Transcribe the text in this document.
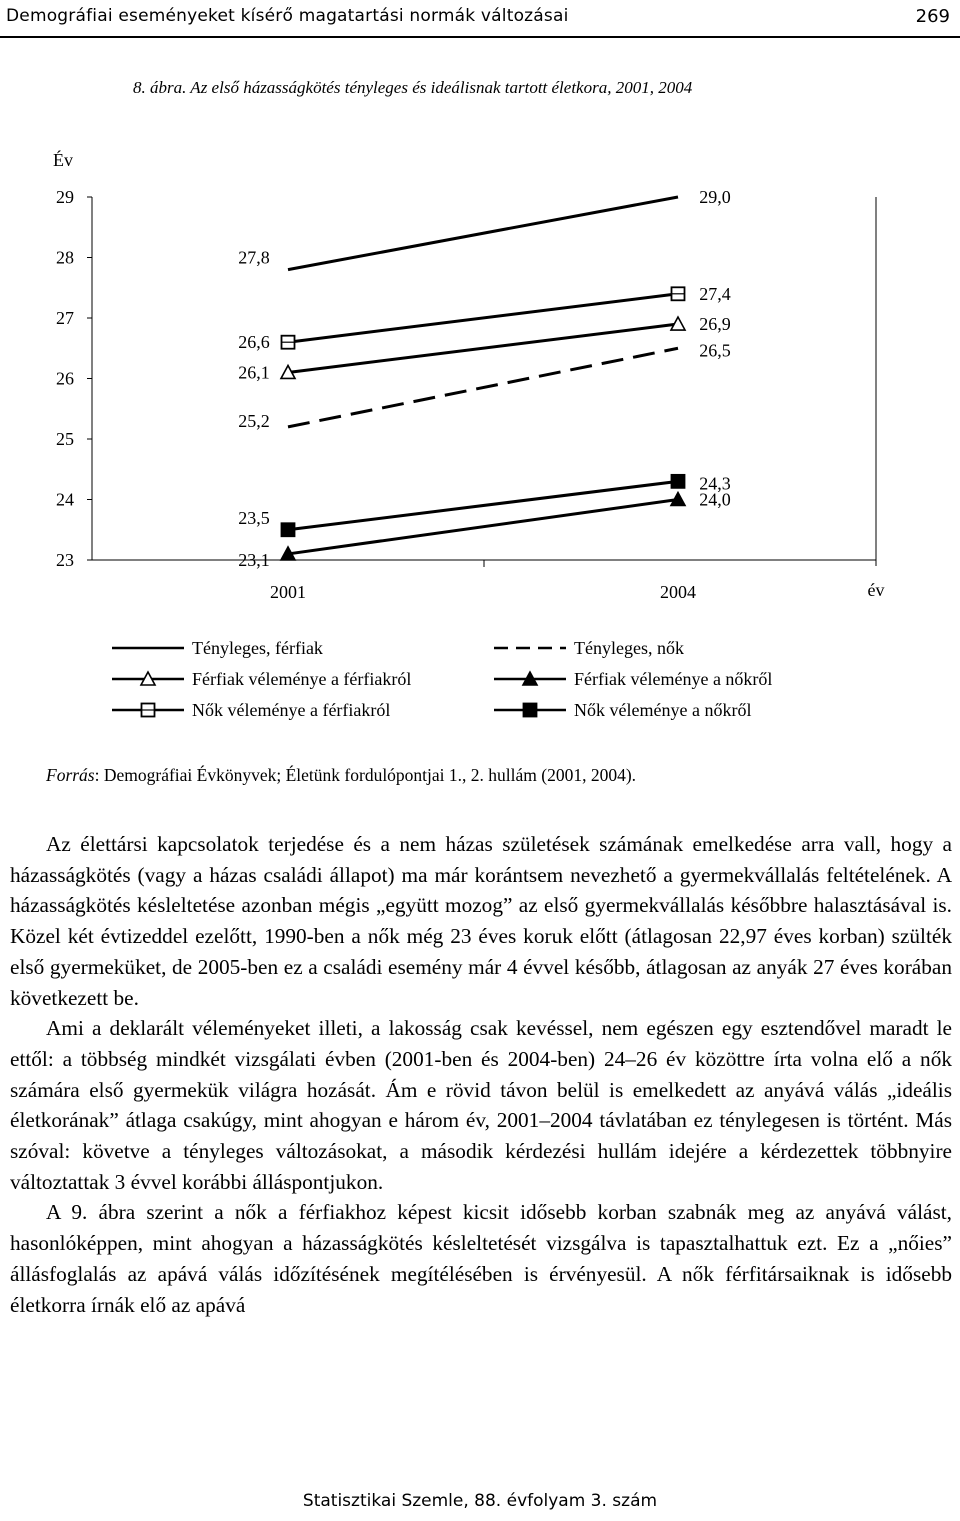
Demográfiai eseményeket kísérő magatartási normák változásai	269
8. ábra. Az első házasságkötés tényleges és ideálisnak tartott életkora, 2001, 2004
23
24
25
26
27
28
29
Év
2001	2004	év
27,8
29,0
25,2
26,5
26,1
26,9
23,1
24,0
26,6
27,4
23,5
24,3
Tényleges, férfiak	Tényleges, nők
Férfiak véleménye a férfiakról	Férfiak véleménye a nőkről
Nők véleménye a férfiakról	Nők véleménye a nőkről
Forrás: Demográfiai Évkönyvek; Életünk fordulópontjai 1., 2. hullám (2001, 2004).

Az élettársi kapcsolatok terjedése és a nem házas születések számának emelkedése arra vall, hogy a házasságkötés (vagy a házas családi állapot) ma már korántsem nevezhető a gyermekvállalás feltételének. A házasságkötés késleltetése azonban mégis „együtt mozog” az első gyermekvállalás későbbre halasztásával is. Közel két évtizeddel ezelőtt, 1990-ben a nők még 23 éves koruk előtt (átlagosan 22,97 éves korban) szülték első gyermeküket, de 2005-ben ez a családi esemény már 4 évvel később, átlagosan az anyák 27 éves korában következett be.

Ami a deklarált véleményeket illeti, a lakosság csak kevéssel, nem egészen egy esztendővel maradt le ettől: a többség mindkét vizsgálati évben (2001-ben és 2004-ben) 24–26 év közöttre írta volna elő a nők számára első gyermekük világra hozását. Ám e rövid távon belül is emelkedett az anyává válás „ideális életkorának” átlaga csakúgy, mint ahogyan e három év, 2001–2004 távlatában ez ténylegesen is történt. Más szóval: követve a tényleges változásokat, a második kérdezési hullám idejére a kérdezettek többnyire változtattak 3 évvel korábbi álláspontjukon.

A 9. ábra szerint a nők a férfiakhoz képest kicsit idősebb korban szabnák meg az anyává válást, hasonlóképpen, mint ahogyan a házasságkötés késleltetését vizsgálva is tapasztalhattuk ezt. Ez a „nőies” állásfoglalás az apává válás időzítésének megítélésében is érvényesül. A nők férfitársaiknak is idősebb életkorra írnák elő az apává

Statisztikai Szemle, 88. évfolyam 3. szám
